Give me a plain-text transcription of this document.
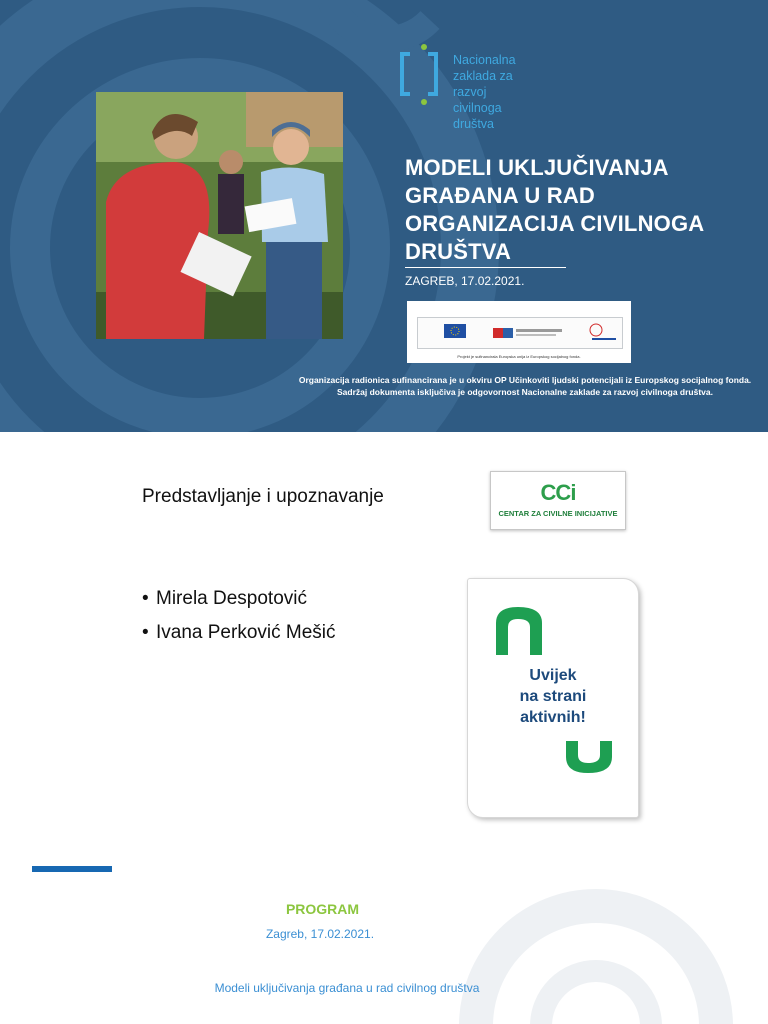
Nacionalna
zaklada za
razvoj
civilnoga
društva
MODELI UKLJUČIVANJA
GRAĐANA U RAD
ORGANIZACIJA CIVILNOGA
DRUŠTVA
ZAGREB, 17.02.2021.
Projekt je sufinancirala Europska unija iz Europskog socijalnog fonda.
Organizacija radionica sufinancirana je u okviru OP Učinkoviti ljudski potencijali iz Europskog socijalnog fonda.
Sadržaj dokumenta isključiva je odgovornost Nacionalne zaklade za razvoj civilnoga društva.
Predstavljanje i upoznavanje
• Mirela Despotović
• Ivana Perković Mešić
CCi
CENTAR ZA CIVILNE INICIJATIVE
Uvijek
na strani
aktivnih!
PROGRAM
Zagreb, 17.02.2021.
Modeli uključivanja građana u rad civilnog društva
